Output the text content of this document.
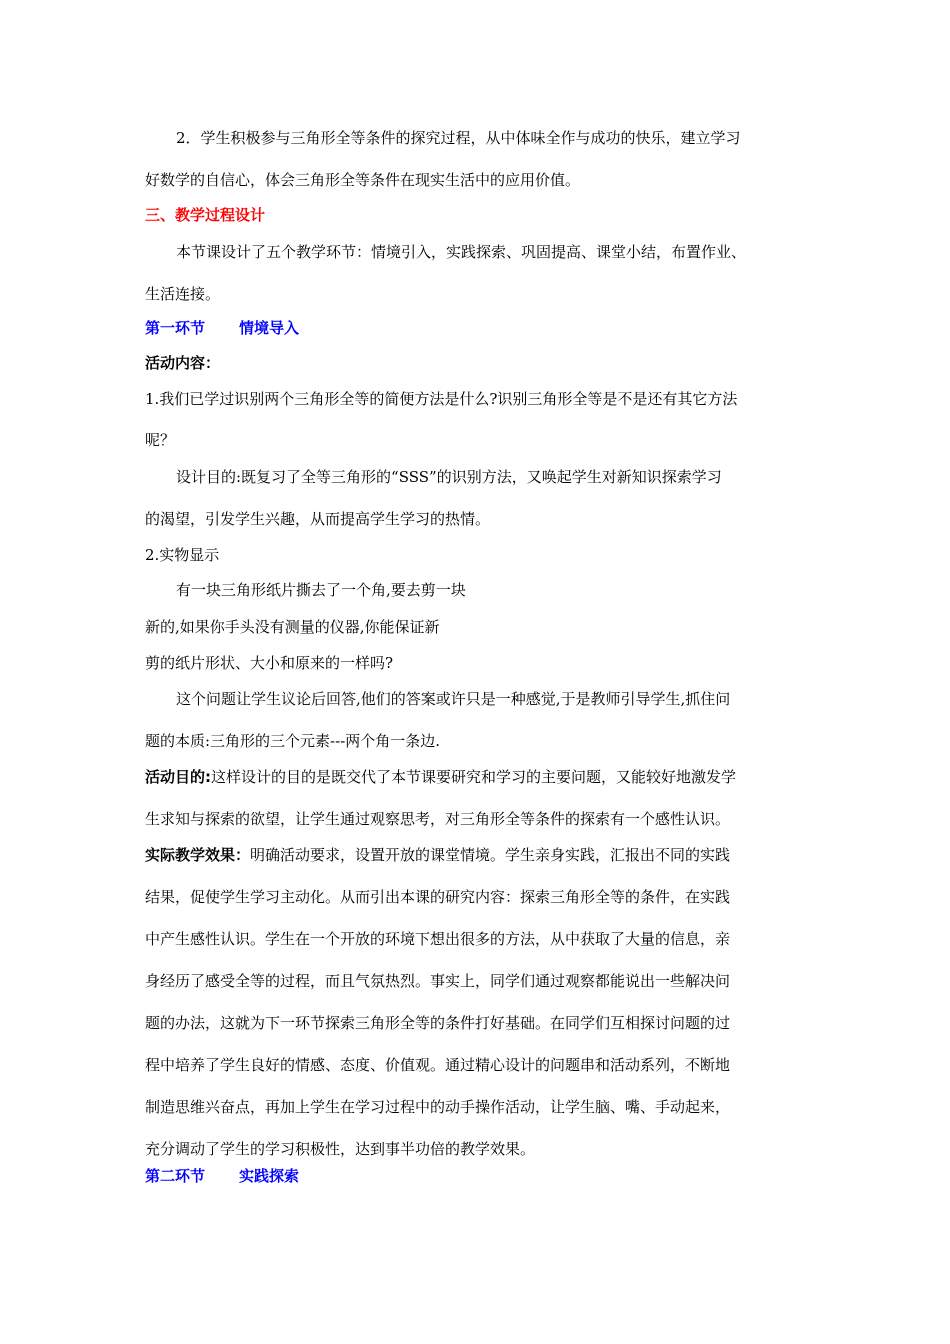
2．学生积极参与三角形全等条件的探究过程，从中体味全作与成功的快乐，建立学习
好数学的自信心，体会三角形全等条件在现实生活中的应用价值。
三、教学过程设计
本节课设计了五个教学环节：情境引入，实践探索、巩固提高、课堂小结，布置作业、
生活连接。
第一环节 情境导入
活动内容：
1.我们已学过识别两个三角形全等的简便方法是什么?识别三角形全等是不是还有其它方法
呢？
设计目的:既复习了全等三角形的“SSS”的识别方法，又唤起学生对新知识探索学习
的渴望，引发学生兴趣，从而提高学生学习的热情。
2.实物显示
有一块三角形纸片撕去了一个角,要去剪一块
新的,如果你手头没有测量的仪器,你能保证新
剪的纸片形状、大小和原来的一样吗?
这个问题让学生议论后回答,他们的答案或许只是一种感觉,于是教师引导学生,抓住问
题的本质:三角形的三个元素---两个角一条边.
活动目的:这样设计的目的是既交代了本节课要研究和学习的主要问题，又能较好地激发学
生求知与探索的欲望，让学生通过观察思考，对三角形全等条件的探索有一个感性认识。
实际教学效果：明确活动要求，设置开放的课堂情境。学生亲身实践，汇报出不同的实践
结果，促使学生学习主动化。从而引出本课的研究内容：探索三角形全等的条件，在实践
中产生感性认识。学生在一个开放的环境下想出很多的方法，从中获取了大量的信息，亲
身经历了感受全等的过程，而且气氛热烈。事实上，同学们通过观察都能说出一些解决问
题的办法，这就为下一环节探索三角形全等的条件打好基础。在同学们互相探讨问题的过
程中培养了学生良好的情感、态度、价值观。通过精心设计的问题串和活动系列，不断地
制造思维兴奋点，再加上学生在学习过程中的动手操作活动，让学生脑、嘴、手动起来，
充分调动了学生的学习积极性，达到事半功倍的教学效果。
第二环节 实践探索
